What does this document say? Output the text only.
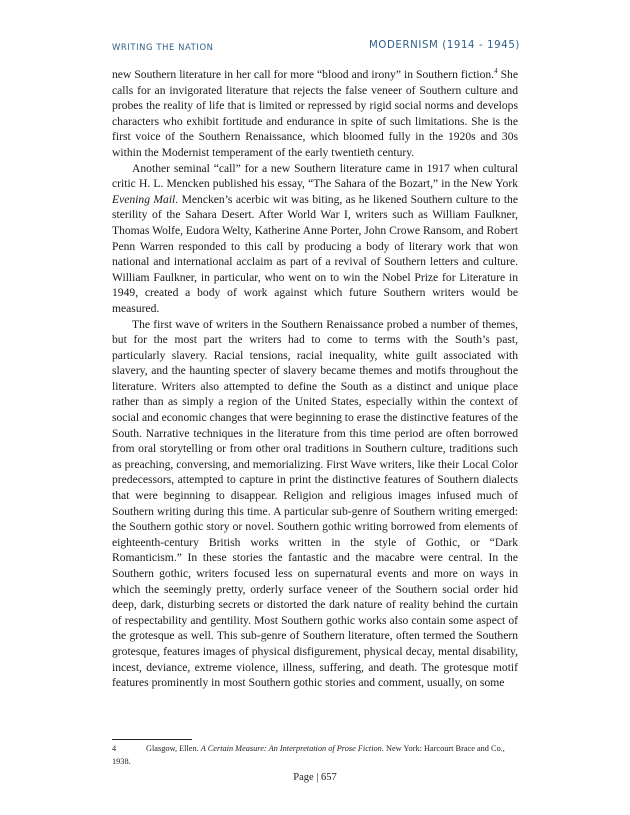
WRITING THE NATION	MODERNISM (1914 - 1945)

new Southern literature in her call for more “blood and irony” in Southern fiction.$^4$ She calls for an invigorated literature that rejects the false veneer of Southern culture and probes the reality of life that is limited or repressed by rigid social norms and develops characters who exhibit fortitude and endurance in spite of such limitations. She is the first voice of the Southern Renaissance, which bloomed fully in the 1920s and 30s within the Modernist temperament of the early twentieth century.

Another seminal “call” for a new Southern literature came in 1917 when cultural critic H. L. Mencken published his essay, “The Sahara of the Bozart,” in the New York Evening Mail. Mencken’s acerbic wit was biting, as he likened Southern culture to the sterility of the Sahara Desert. After World War I, writers such as William Faulkner, Thomas Wolfe, Eudora Welty, Katherine Anne Porter, John Crowe Ransom, and Robert Penn Warren responded to this call by producing a body of literary work that won national and international acclaim as part of a revival of Southern letters and culture. William Faulkner, in particular, who went on to win the Nobel Prize for Literature in 1949, created a body of work against which future Southern writers would be measured.

The first wave of writers in the Southern Renaissance probed a number of themes, but for the most part the writers had to come to terms with the South’s past, particularly slavery. Racial tensions, racial inequality, white guilt associated with slavery, and the haunting specter of slavery became themes and motifs throughout the literature. Writers also attempted to define the South as a distinct and unique place rather than as simply a region of the United States, especially within the context of social and economic changes that were beginning to erase the distinctive features of the South. Narrative techniques in the literature from this time period are often borrowed from oral storytelling or from other oral traditions in Southern culture, traditions such as preaching, conversing, and memorializing. First Wave writers, like their Local Color predecessors, attempted to capture in print the distinctive features of Southern dialects that were beginning to disappear. Religion and religious images infused much of Southern writing during this time. A particular sub-genre of Southern writing emerged: the Southern gothic story or novel. Southern gothic writing borrowed from elements of eighteenth-century British works written in the style of Gothic, or “Dark Romanticism.” In these stories the fantastic and the macabre were central. In the Southern gothic, writers focused less on supernatural events and more on ways in which the seemingly pretty, orderly surface veneer of the Southern social order hid deep, dark, disturbing secrets or distorted the dark nature of reality behind the curtain of respectability and gentility. Most Southern gothic works also contain some aspect of the grotesque as well. This sub-genre of Southern literature, often termed the Southern grotesque, features images of physical disfigurement, physical decay, mental disability, incest, deviance, extreme violence, illness, suffering, and death. The grotesque motif features prominently in most Southern gothic stories and comment, usually, on some

4	Glasgow, Ellen. A Certain Measure: An Interpretation of Prose Fiction. New York: Harcourt Brace and Co., 1938.
Page | 657
